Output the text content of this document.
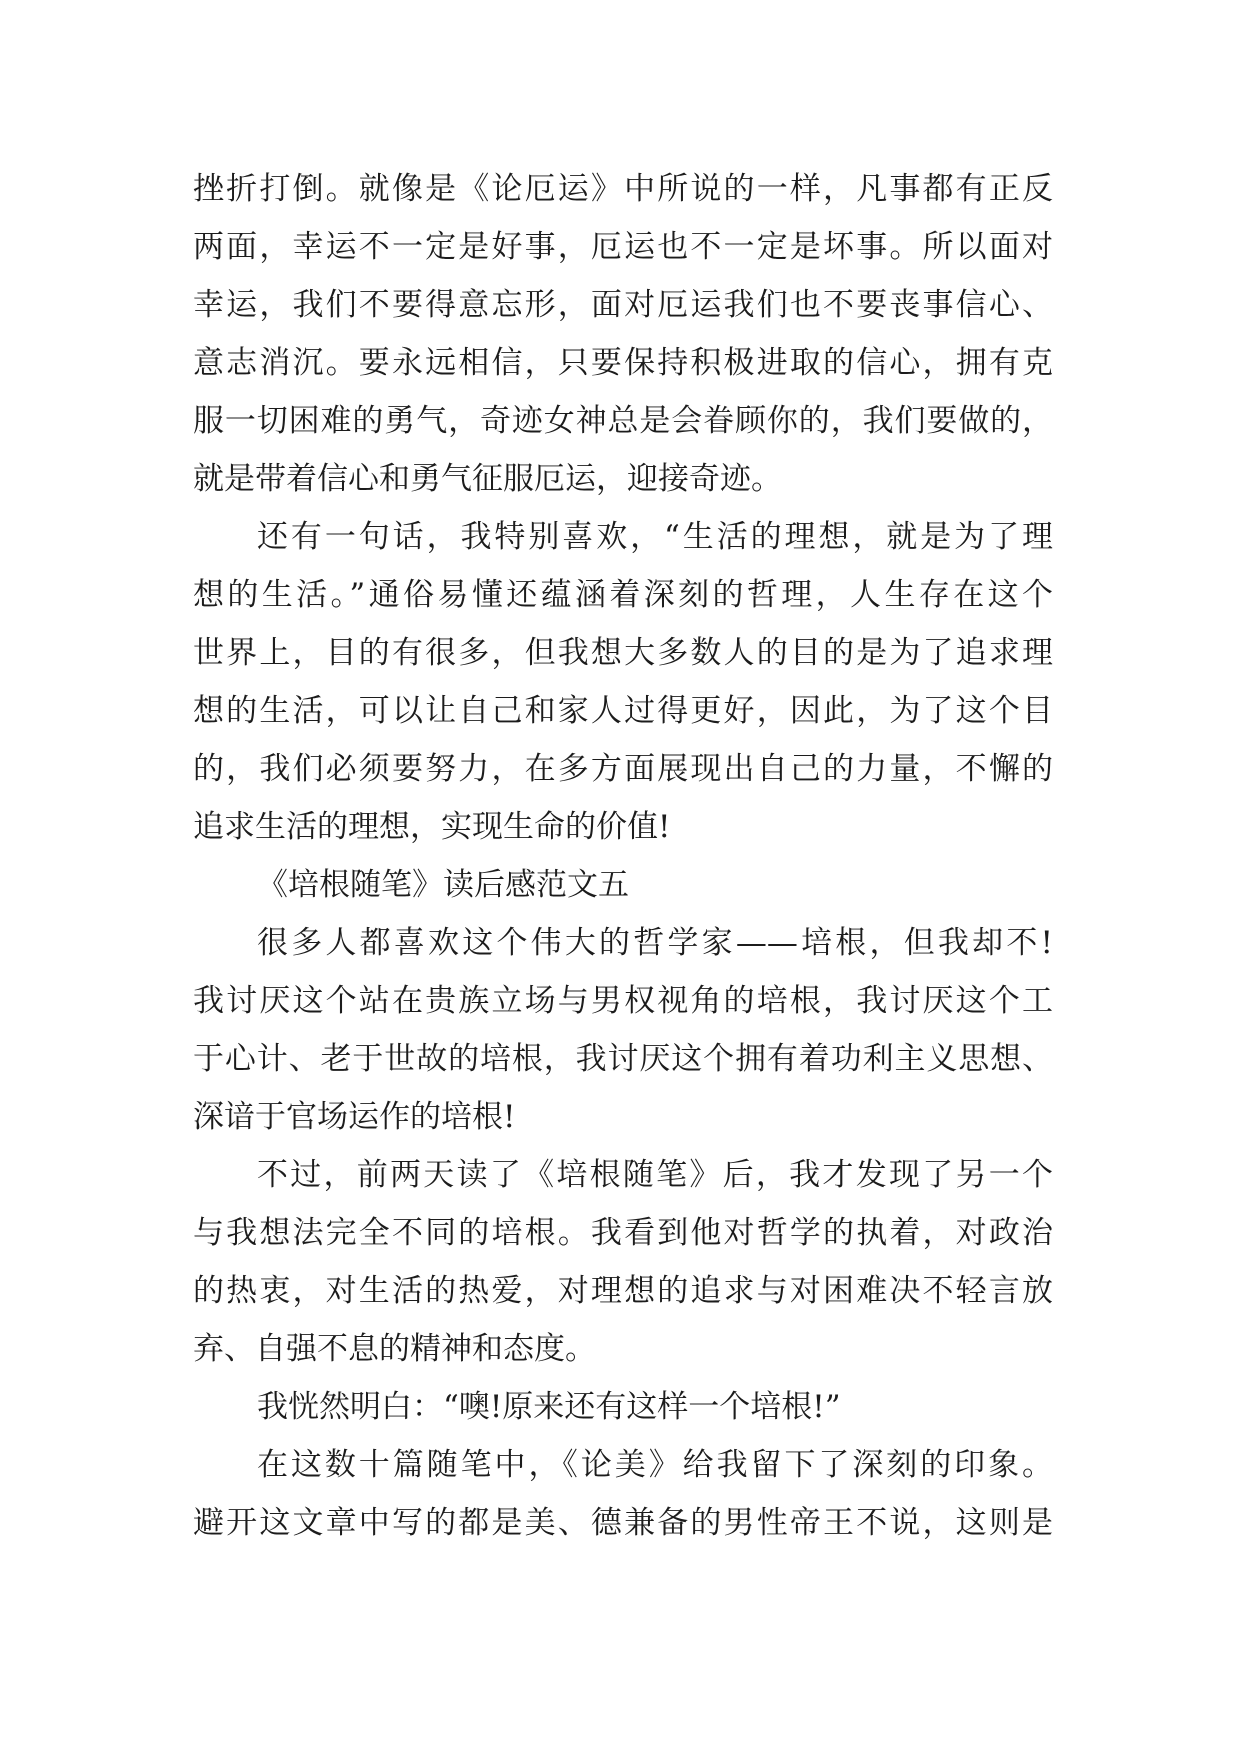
挫折打倒。就像是《论厄运》中所说的一样，凡事都有正反
两面，幸运不一定是好事，厄运也不一定是坏事。所以面对
幸运，我们不要得意忘形，面对厄运我们也不要丧事信心、
意志消沉。要永远相信，只要保持积极进取的信心，拥有克
服一切困难的勇气，奇迹女神总是会眷顾你的，我们要做的，
就是带着信心和勇气征服厄运，迎接奇迹。
还有一句话，我特别喜欢，“生活的理想，就是为了理
想的生活。”通俗易懂还蕴涵着深刻的哲理，人生存在这个
世界上，目的有很多，但我想大多数人的目的是为了追求理
想的生活，可以让自己和家人过得更好，因此，为了这个目
的，我们必须要努力，在多方面展现出自己的力量，不懈的
追求生活的理想，实现生命的价值!
《培根随笔》读后感范文五
很多人都喜欢这个伟大的哲学家——培根，但我却不!
我讨厌这个站在贵族立场与男权视角的培根，我讨厌这个工
于心计、老于世故的培根，我讨厌这个拥有着功利主义思想、
深谙于官场运作的培根!
不过，前两天读了《培根随笔》后，我才发现了另一个
与我想法完全不同的培根。我看到他对哲学的执着，对政治
的热衷，对生活的热爱，对理想的追求与对困难决不轻言放
弃、自强不息的精神和态度。
我恍然明白：“噢!原来还有这样一个培根!”
在这数十篇随笔中，《论美》给我留下了深刻的印象。
避开这文章中写的都是美、德兼备的男性帝王不说，这则是
